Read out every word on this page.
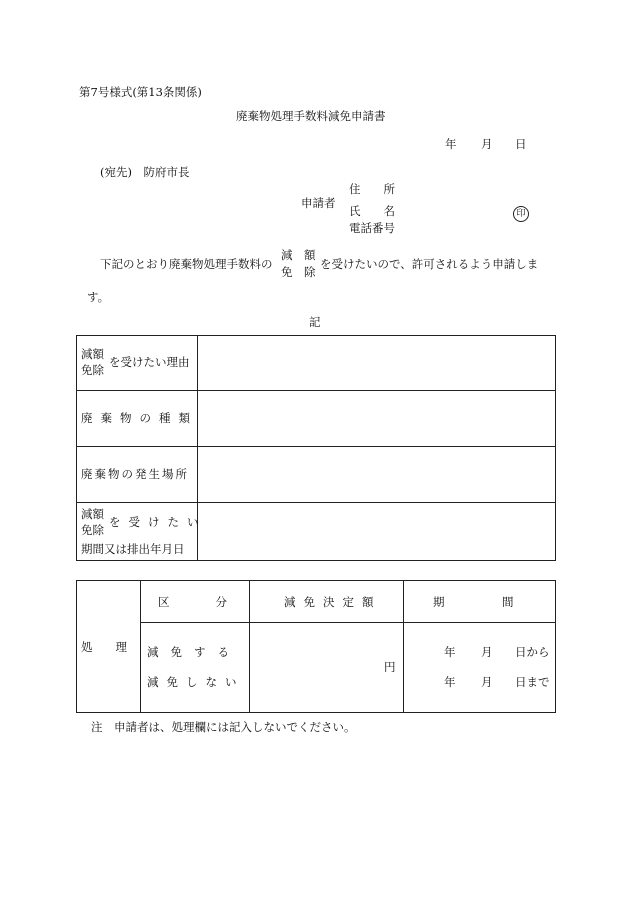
第7号様式(第13条関係)
廃棄物処理手数料減免申請書
年 月 日
(宛先)　防府市長
申請者
住　　所
氏　　名
電話番号
印
下記のとおり廃棄物処理手数料の
減　額
免　除
を受けたいので、許可されるよう申請しま
す。
記
減額
免除
を受けたい理由
廃棄物の種類
廃棄物の発生場所
減額
免除
を受けたい
期間又は排出年月日
処　　理
区　　　　分	減免決定額	期　　　　　間
減免する
減免しない
円
年 月 日から
年 月 日まで
注　申請者は、処理欄には記入しないでください。
